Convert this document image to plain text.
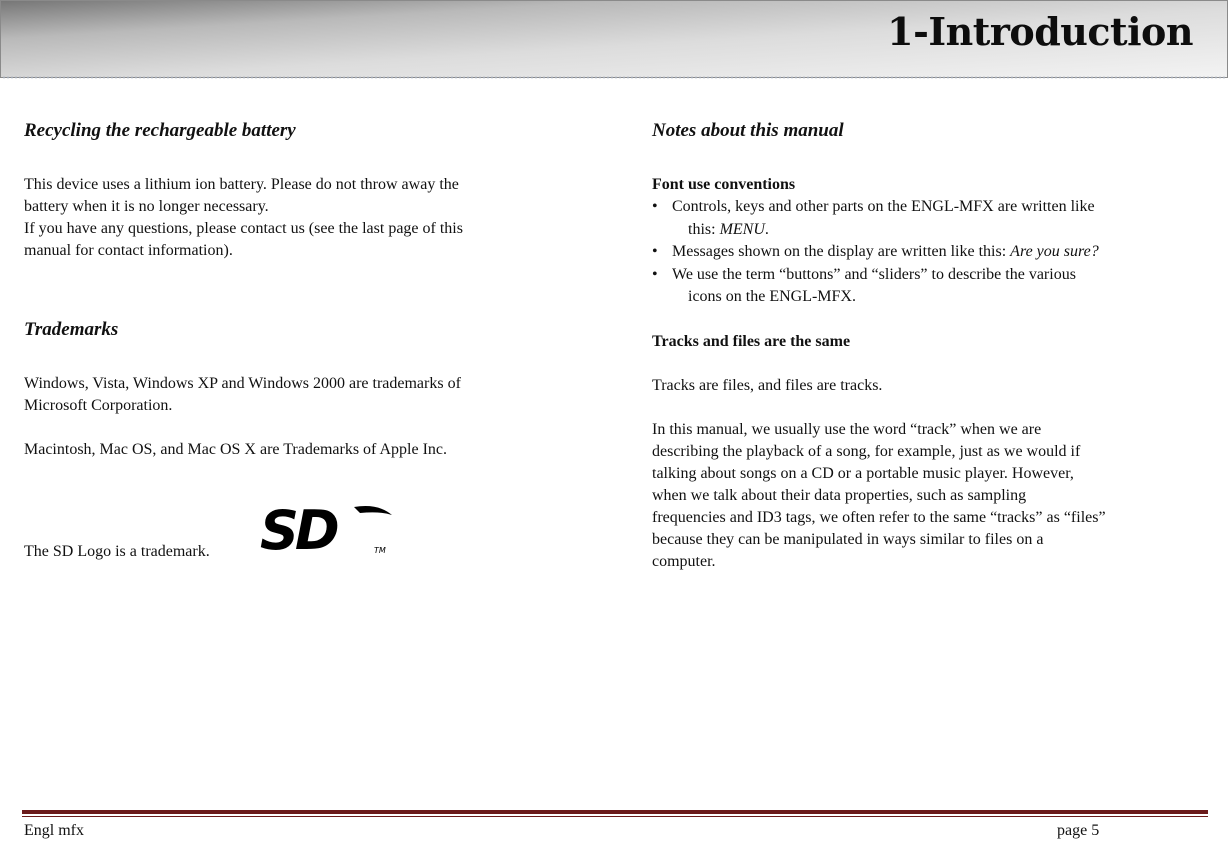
1-Introduction
Recycling the rechargeable battery

This device uses a lithium ion battery. Please do not throw away the

battery when it is no longer necessary.

If you have any questions, please contact us (see the last page of this

manual for contact information).

Trademarks

Windows, Vista, Windows XP and Windows 2000 are trademarks of

Microsoft Corporation.

Macintosh, Mac OS, and Mac OS X are Trademarks of Apple Inc.

The SD Logo is a trademark. SD	TM
Notes about this manual
Font use conventions
• Controls, keys and other parts on the ENGL-MFX are written like
this: MENU.
• Messages shown on the display are written like this: Are you sure?
• We use the term “buttons” and “sliders” to describe the various
icons on the ENGL-MFX.
Tracks and files are the same

Tracks are files, and files are tracks.

In this manual, we usually use the word “track” when we are

describing the playback of a song, for example, just as we would if

talking about songs on a CD or a portable music player. However,

when we talk about their data properties, such as sampling

frequencies and ID3 tags, we often refer to the same “tracks” as “files”

because they can be manipulated in ways similar to files on a

computer.

Engl mfx	page 5
